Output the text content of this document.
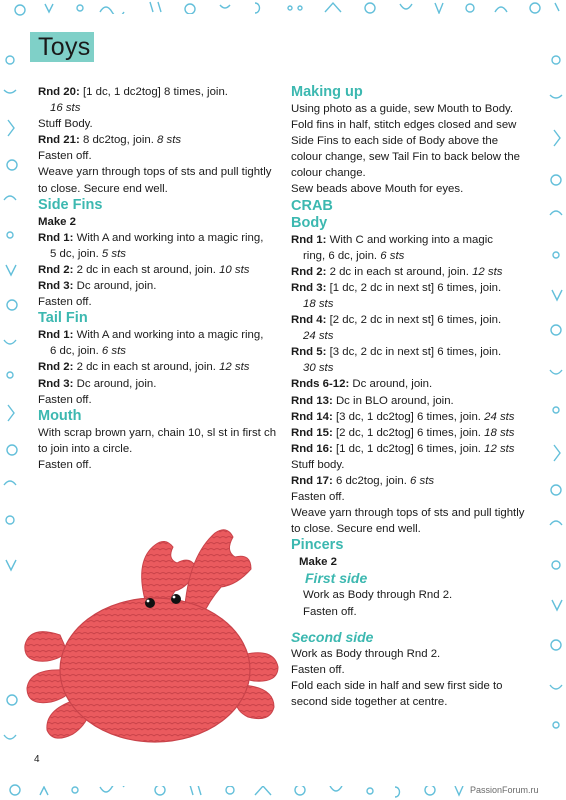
Toys

Rnd 20: [1 dc, 1 dc2tog] 8 times, join.

16 sts

Stuff Body.

Rnd 21: 8 dc2tog, join. 8 sts

Fasten off.

Weave yarn through tops of sts and pull tightly to close. Secure end well.

Side Fins

Make 2

Rnd 1: With A and working into a magic ring,

5 dc, join. 5 sts

Rnd 2: 2 dc in each st around, join. 10 sts

Rnd 3: Dc around, join.

Fasten off.

Tail Fin

Rnd 1: With A and working into a magic ring,

6 dc, join. 6 sts

Rnd 2: 2 dc in each st around, join. 12 sts

Rnd 3: Dc around, join.

Fasten off.

Mouth

With scrap brown yarn, chain 10, sl st in first ch to join into a circle.

Fasten off.

Making up

Using photo as a guide, sew Mouth to Body. Fold fins in half, stitch edges closed and sew Side Fins to each side of Body above the colour change, sew Tail Fin to back below the colour change.

Sew beads above Mouth for eyes.

CRAB

Body

Rnd 1: With C and working into a magic

ring, 6 dc, join. 6 sts

Rnd 2: 2 dc in each st around, join. 12 sts

Rnd 3: [1 dc, 2 dc in next st] 6 times, join.

18 sts

Rnd 4: [2 dc, 2 dc in next st] 6 times, join.

24 sts

Rnd 5: [3 dc, 2 dc in next st] 6 times, join.

30 sts

Rnds 6-12: Dc around, join.

Rnd 13: Dc in BLO around, join.

Rnd 14: [3 dc, 1 dc2tog] 6 times, join. 24 sts

Rnd 15: [2 dc, 1 dc2tog] 6 times, join. 18 sts

Rnd 16: [1 dc, 1 dc2tog] 6 times, join. 12 sts

Stuff body.

Rnd 17: 6 dc2tog, join. 6 sts

Fasten off.

Weave yarn through tops of sts and pull tightly to close. Secure end well.

Pincers

Make 2

First side

Work as Body through Rnd 2.

Fasten off.

Second side

Work as Body through Rnd 2.

Fasten off.

Fold each side in half and sew first side to second side together at centre.

4
PassionForum.ru
